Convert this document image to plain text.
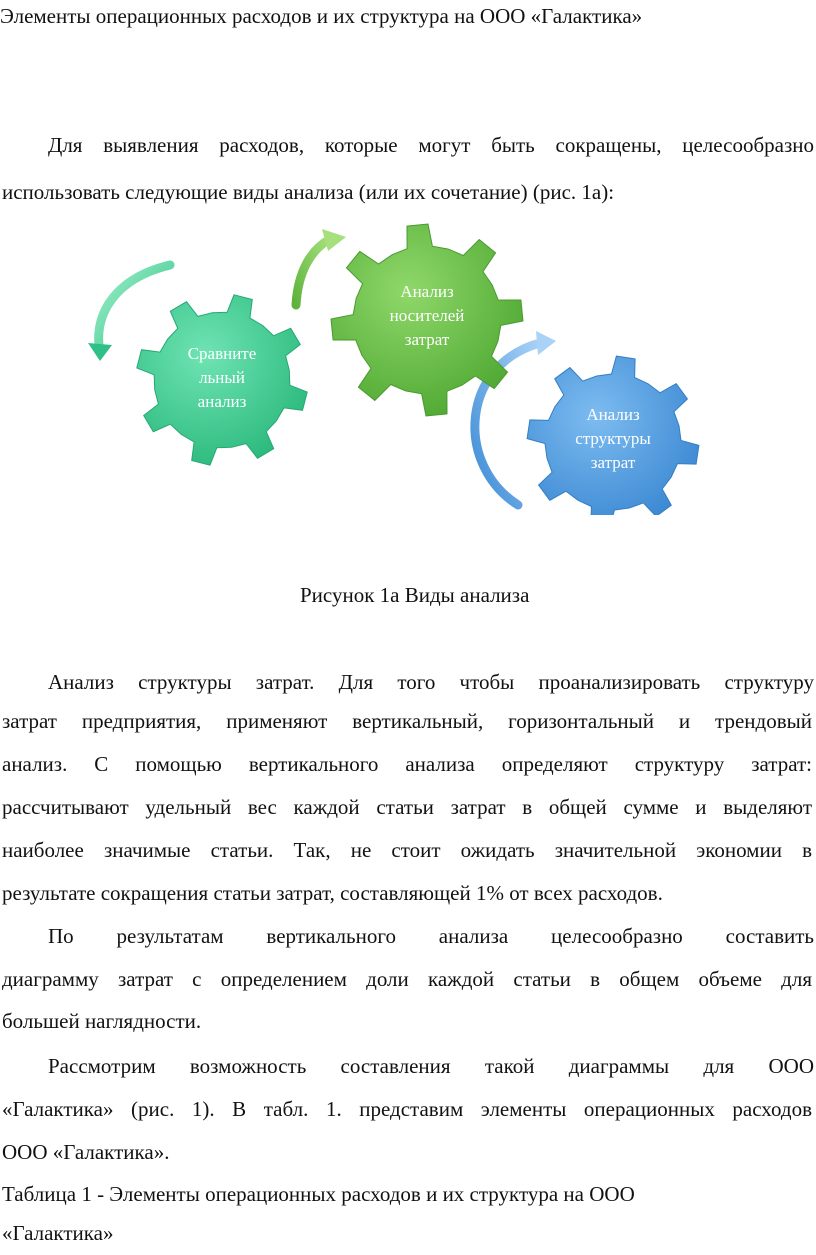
Элементы операционных расходов и их структура на ООО «Галактика»
Для выявления расходов, которые могут быть сокращены, целесообразно
использовать следующие виды анализа (или их сочетание) (рис. 1а):
Сравните
льный
анализ
Анализ
носителей
затрат
Анализ
структуры
затрат
Рисунок 1а Виды анализа
Анализ структуры затрат. Для того чтобы проанализировать структуру
затрат предприятия, применяют вертикальный, горизонтальный и трендовый
анализ. С помощью вертикального анализа определяют структуру затрат:
рассчитывают удельный вес каждой статьи затрат в общей сумме и выделяют
наиболее значимые статьи. Так, не стоит ожидать значительной экономии в
результате сокращения статьи затрат, составляющей 1% от всех расходов.
По результатам вертикального анализа целесообразно составить
диаграмму затрат с определением доли каждой статьи в общем объеме для
большей наглядности.
Рассмотрим возможность составления такой диаграммы для ООО
«Галактика» (рис. 1). В табл. 1. представим элементы операционных расходов
ООО «Галактика».
Таблица 1 - Элементы операционных расходов и их структура на ООО
«Галактика»
